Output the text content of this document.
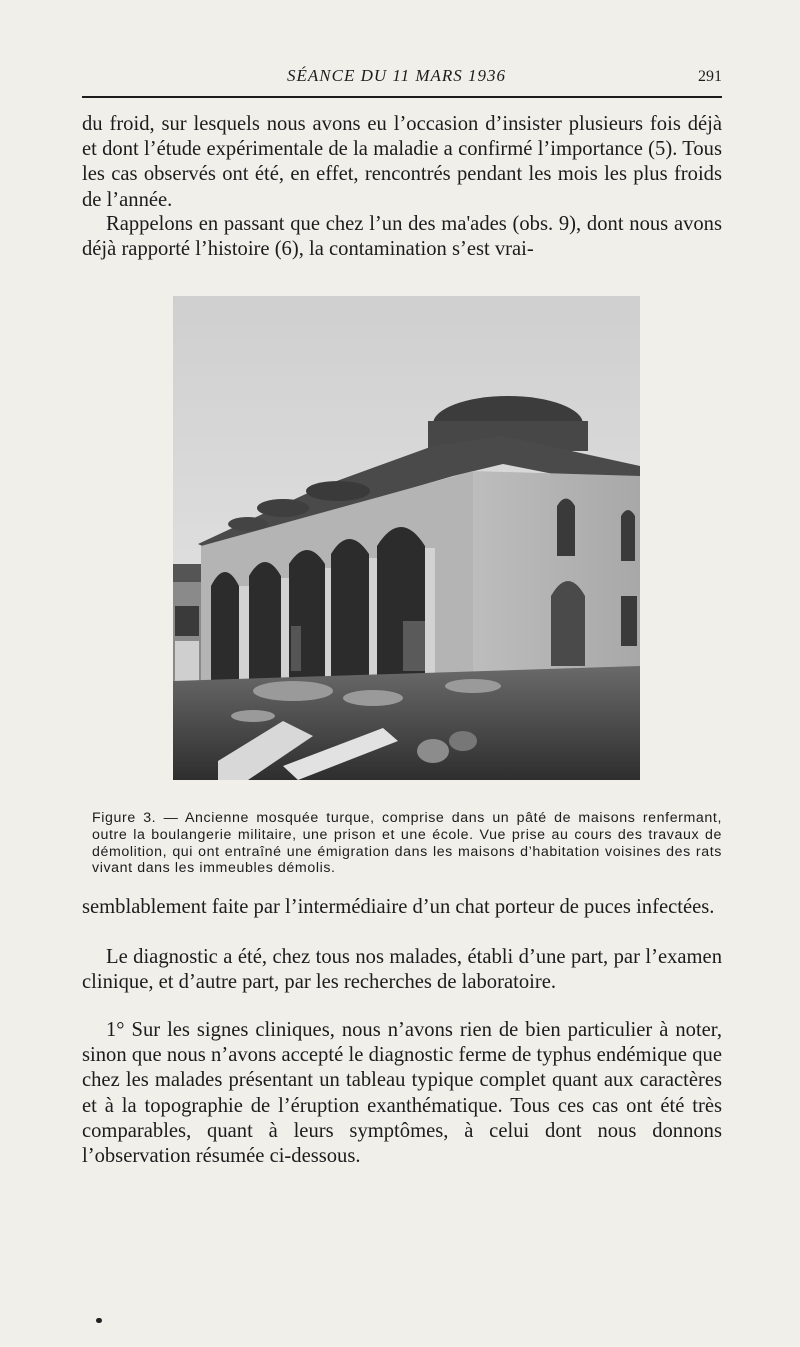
SÉANCE DU 11 MARS 1936	291

du froid, sur lesquels nous avons eu l’occasion d’insister plusieurs fois déjà et dont l’étude expérimentale de la maladie a confirmé l’importance (5). Tous les cas observés ont été, en effet, rencontrés pendant les mois les plus froids de l’année.

Rappelons en passant que chez l’un des ma'ades (obs. 9), dont nous avons déjà rapporté l’histoire (6), la contamination s’est vrai-

Figure 3. — Ancienne mosquée turque, comprise dans un pâté de maisons renfermant, outre la boulangerie militaire, une prison et une école. Vue prise au cours des travaux de démolition, qui ont entraîné une émigration dans les maisons d’habitation voisines des rats vivant dans les immeubles démolis.

semblablement faite par l’intermédiaire d’un chat porteur de puces infectées.

Le diagnostic a été, chez tous nos malades, établi d’une part, par l’examen clinique, et d’autre part, par les recherches de laboratoire.

1° Sur les signes cliniques, nous n’avons rien de bien particulier à noter, sinon que nous n’avons accepté le diagnostic ferme de typhus endémique que chez les malades présentant un tableau typique complet quant aux caractères et à la topographie de l’éruption exanthématique. Tous ces cas ont été très comparables, quant à leurs symptômes, à celui dont nous donnons l’observation résumée ci-dessous.
